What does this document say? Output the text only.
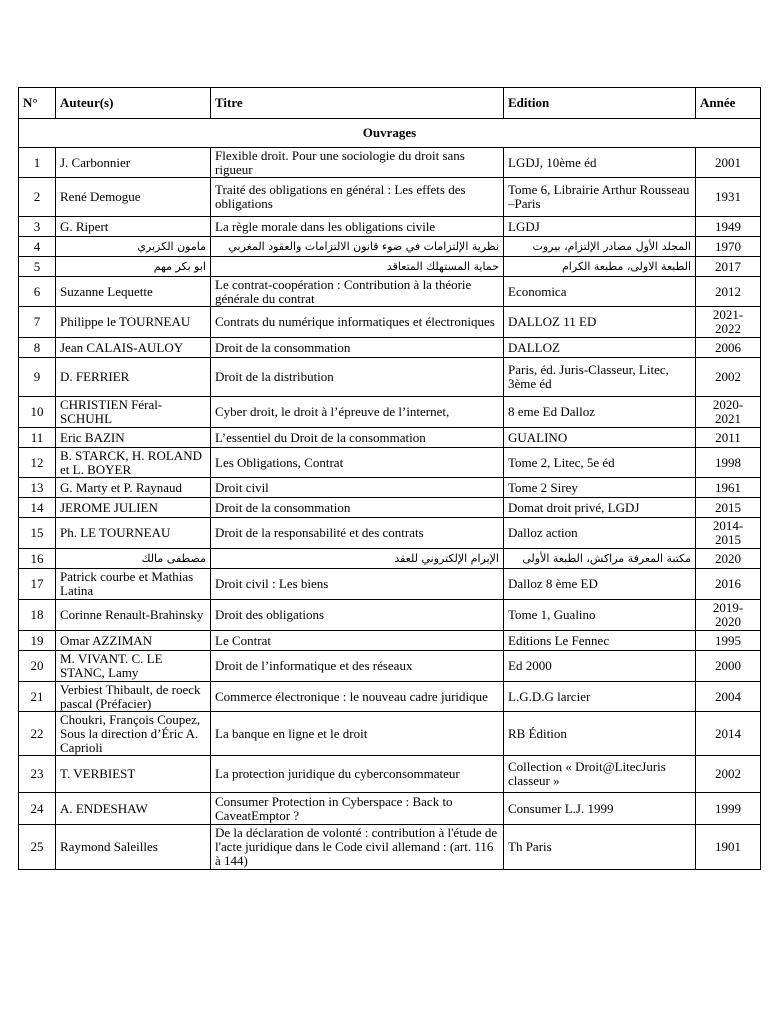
N°	Auteur(s)	Titre	Edition	Année
Ouvrages				
1	J. Carbonnier	Flexible droit. Pour une sociologie du droit sans rigueur	LGDJ, 10ème éd	2001
2	René Demogue	Traité des obligations en général : Les effets des obligations	Tome 6, Librairie Arthur Rousseau –Paris	1931
3	G. Ripert	La règle morale dans les obligations civile	LGDJ	1949
4	مامون الكزبري	نظرية الإلتزامات في ضوء قانون الالتزامات والعقود المغربي	المجلد الأول مصادر الإلتزام، بيروت	1970
5	ابو بكر مهم	حماية المستهلك المتعاقد	الطبعة الاولى، مطبعة الكرام	2017
6	Suzanne Lequette	Le contrat-coopération : Contribution à la théorie générale du contrat	Economica	2012
7	Philippe le TOURNEAU	Contrats du numérique informatiques et électroniques	DALLOZ 11 ED	2021-2022
8	Jean CALAIS-AULOY	Droit de la consommation	DALLOZ	2006
9	D. FERRIER	Droit de la distribution	Paris, éd. Juris-Classeur, Litec, 3ème éd	2002
10	CHRISTIEN Féral-SCHUHL	Cyber droit, le droit à l’épreuve de l’internet,	8 eme Ed Dalloz	2020-2021
11	Eric BAZIN	L’essentiel du Droit de la consommation	GUALINO	2011
12	B. STARCK, H. ROLAND et L. BOYER	Les Obligations, Contrat	Tome 2, Litec, 5e éd	1998
13	G. Marty et P. Raynaud	Droit civil	Tome 2 Sirey	1961
14	JEROME JULIEN	Droit de la consommation	Domat droit privé, LGDJ	2015
15	Ph. LE TOURNEAU	Droit de la responsabilité et des contrats	Dalloz action	2014-2015
16	مصطفى مالك	الإبرام الإلكتروني للعقد	مكتبة المعرفة مراكش، الطبعة الأولى	2020
17	Patrick courbe et Mathias Latina	Droit civil : Les biens	Dalloz 8 ème ED	2016
18	Corinne Renault-Brahinsky	Droit des obligations	Tome 1, Gualino	2019-2020
19	Omar AZZIMAN	Le Contrat	Editions Le Fennec	1995
20	M. VIVANT. C. LE STANC, Lamy	Droit de l’informatique et des réseaux	Ed 2000	2000
21	Verbiest Thibault, de roeck pascal (Préfacier)	Commerce électronique : le nouveau cadre juridique	L.G.D.G larcier	2004
22	Choukri, François Coupez, Sous la direction d’Éric A. Caprioli	La banque en ligne et le droit	RB Édition	2014
23	T. VERBIEST	La protection juridique du cyberconsommateur	Collection « Droit@LitecJuris classeur »	2002
24	A. ENDESHAW	Consumer Protection in Cyberspace : Back to CaveatEmptor ?	Consumer L.J. 1999	1999
25	Raymond Saleilles	De la déclaration de volonté : contribution à l'étude de l'acte juridique dans le Code civil allemand : (art. 116 à 144)	Th Paris	1901
